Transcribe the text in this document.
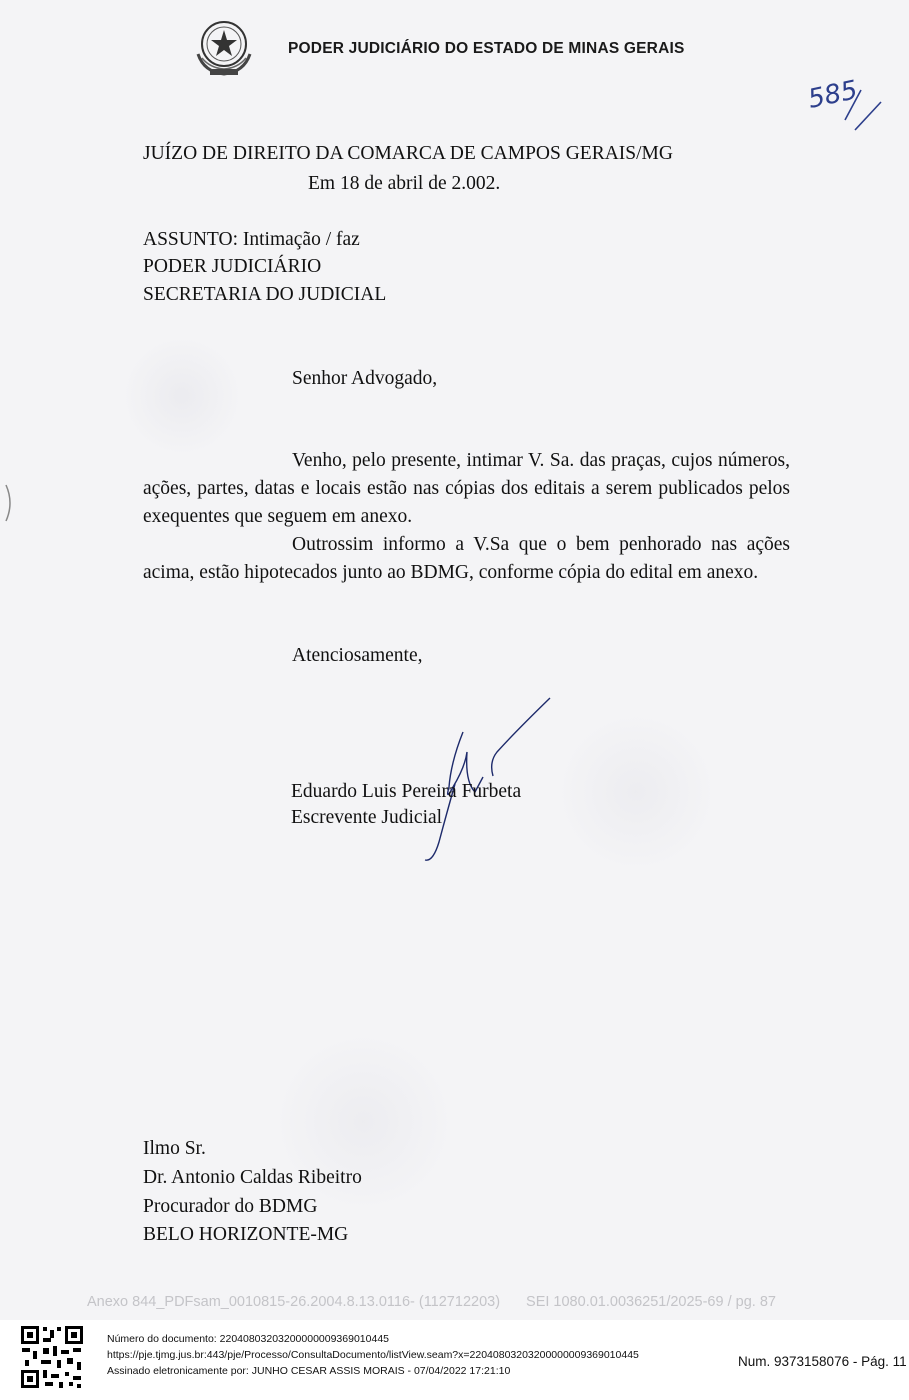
PODER JUDICIÁRIO DO ESTADO DE MINAS GERAIS
585
JUÍZO DE DIREITO DA COMARCA DE CAMPOS GERAIS/MG
Em 18 de abril de 2.002.
ASSUNTO: Intimação / faz
PODER JUDICIÁRIO
SECRETARIA DO JUDICIAL
Senhor Advogado,
Venho, pelo presente, intimar V. Sa. das praças, cujos números, ações, partes, datas e locais estão nas cópias dos editais a serem publicados pelos exequentes que seguem em anexo.
Outrossim informo a V.Sa que o bem penhorado nas ações acima, estão hipotecados junto ao BDMG, conforme cópia do edital em anexo.
Atenciosamente,
Eduardo Luis Pereira Furbeta
Escrevente Judicial
Ilmo Sr.
Dr. Antonio Caldas Ribeitro
Procurador do BDMG
BELO HORIZONTE-MG
Anexo 844_PDFsam_0010815-26.2004.8.13.0116- (112712203) SEI 1080.01.0036251/2025-69 / pg. 87
Número do documento: 22040803203200000009369010445
https://pje.tjmg.jus.br:443/pje/Processo/ConsultaDocumento/listView.seam?x=22040803203200000009369010445
Assinado eletronicamente por: JUNHO CESAR ASSIS MORAIS - 07/04/2022 17:21:10
Num. 9373158076 - Pág. 11
